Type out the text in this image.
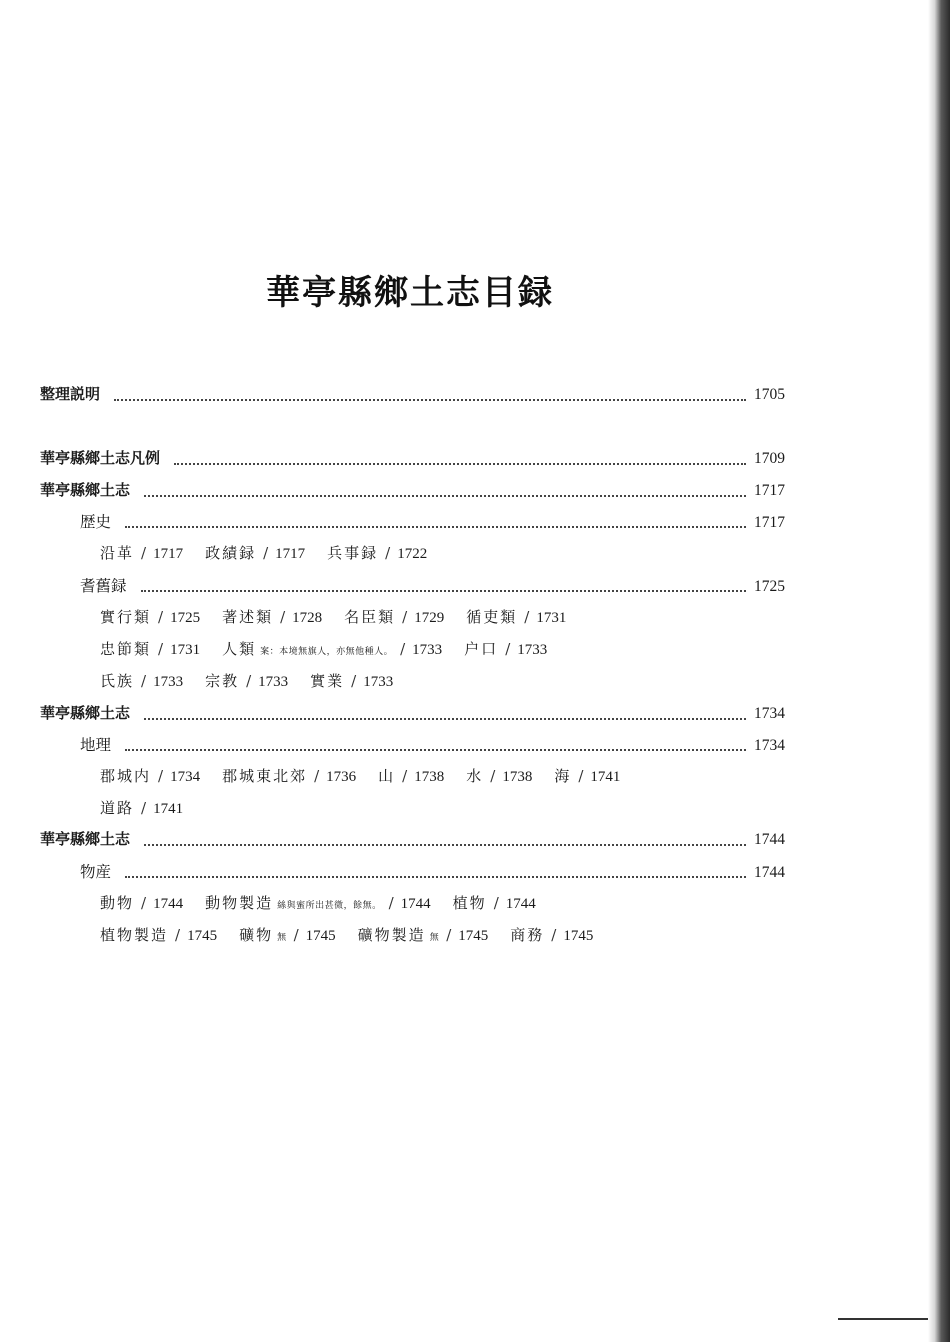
華亭縣鄉土志目録
整理説明	1705
華亭縣鄉土志凡例	1709
華亭縣鄉土志	1717
歴史	1717
沿革 / 1717 政績録 / 1717 兵事録 / 1722
耆舊録	1725
實行類 / 1725 著述類 / 1728 名臣類 / 1729 循吏類 / 1731
忠節類 / 1731 人類 案：本境無旗人，亦無他種人。 / 1733 户口 / 1733
氏族 / 1733 宗教 / 1733 實業 / 1733
華亭縣鄉土志	1734
地理	1734
郡城内 / 1734 郡城東北郊 / 1736 山 / 1738 水 / 1738 海 / 1741
道路 / 1741
華亭縣鄉土志	1744
物産	1744
動物 / 1744 動物製造 絲與蜜所出甚微，餘無。 / 1744 植物 / 1744
植物製造 / 1745 礦物 無 / 1745 礦物製造 無 / 1745 商務 / 1745
